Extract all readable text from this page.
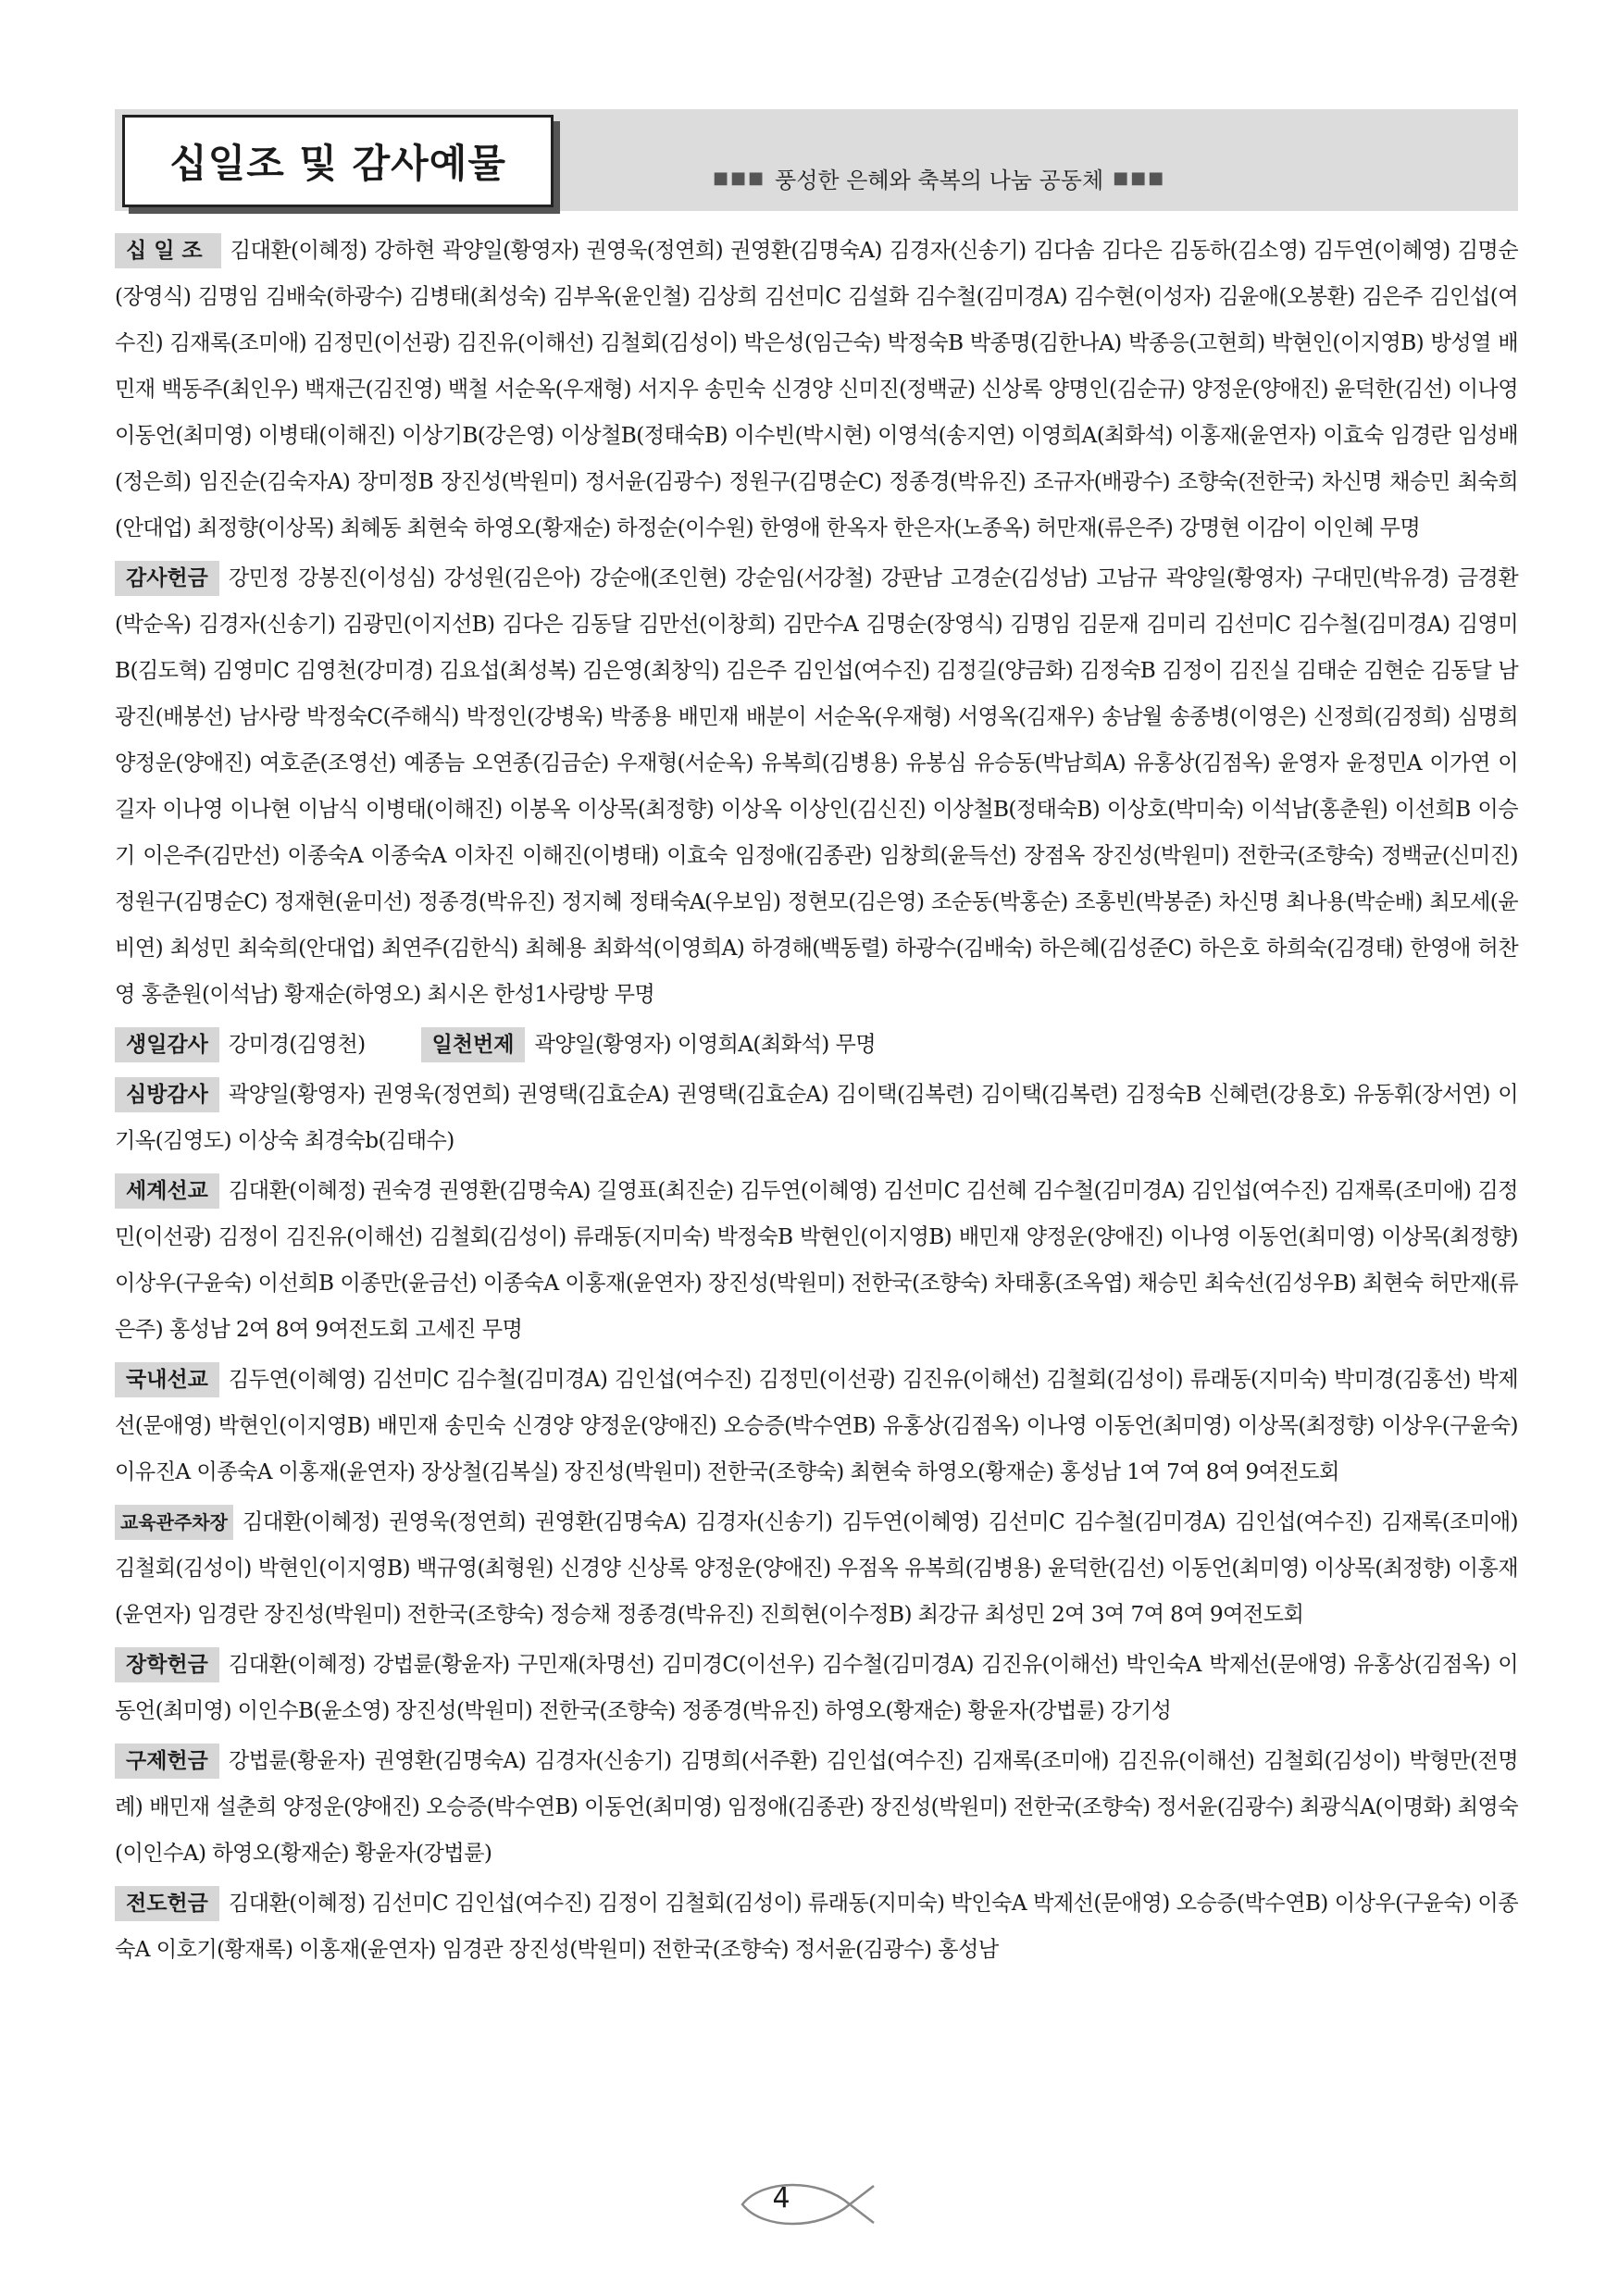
십일조 및 감사예물	■■■ 풍성한 은혜와 축복의 나눔 공동체 ■■■
십일조 김대환(이혜정) 강하현 곽양일(황영자) 권영욱(정연희) 권영환(김명숙A) 김경자(신송기) 김다솜 김다은 김동하(김소영) 김두연(이혜영) 김명순(장영식) 김명임 김배숙(하광수) 김병태(최성숙) 김부옥(윤인철) 김상희 김선미C 김설화 김수철(김미경A) 김수현(이성자) 김윤애(오봉환) 김은주 김인섭(여수진) 김재록(조미애) 김정민(이선광) 김진유(이해선) 김철회(김성이) 박은성(임근숙) 박정숙B 박종명(김한나A) 박종응(고현희) 박현인(이지영B) 방성열 배민재 백동주(최인우) 백재근(김진영) 백철 서순옥(우재형) 서지우 송민숙 신경양 신미진(정백균) 신상록 양명인(김순규) 양정운(양애진) 윤덕한(김선) 이나영 이동언(최미영) 이병태(이해진) 이상기B(강은영) 이상철B(정태숙B) 이수빈(박시현) 이영석(송지연) 이영희A(최화석) 이홍재(윤연자) 이효숙 임경란 임성배(정은희) 임진순(김숙자A) 장미정B 장진성(박원미) 정서윤(김광수) 정원구(김명순C) 정종경(박유진) 조규자(배광수) 조향숙(전한국) 차신명 채승민 최숙희(안대업) 최정향(이상목) 최혜동 최현숙 하영오(황재순) 하정순(이수원) 한영애 한옥자 한은자(노종옥) 허만재(류은주) 강명현 이감이 이인혜 무명
감사헌금 강민정 강봉진(이성심) 강성원(김은아) 강순애(조인현) 강순임(서강철) 강판남 고경순(김성남) 고남규 곽양일(황영자) 구대민(박유경) 금경환(박순옥) 김경자(신송기) 김광민(이지선B) 김다은 김동달 김만선(이창희) 김만수A 김명순(장영식) 김명임 김문재 김미리 김선미C 김수철(김미경A) 김영미B(김도혁) 김영미C 김영천(강미경) 김요섭(최성복) 김은영(최창익) 김은주 김인섭(여수진) 김정길(양금화) 김정숙B 김정이 김진실 김태순 김현순 김동달 남광진(배봉선) 남사랑 박정숙C(주해식) 박정인(강병욱) 박종용 배민재 배분이 서순옥(우재형) 서영옥(김재우) 송남월 송종병(이영은) 신정희(김정희) 심명희 양정운(양애진) 여호준(조영선) 예종늠 오연종(김금순) 우재형(서순옥) 유복희(김병용) 유봉심 유승동(박남희A) 유홍상(김점옥) 윤영자 윤정민A 이가연 이길자 이나영 이나현 이남식 이병태(이해진) 이봉옥 이상목(최정향) 이상옥 이상인(김신진) 이상철B(정태숙B) 이상호(박미숙) 이석남(홍춘원) 이선희B 이승기 이은주(김만선) 이종숙A 이종숙A 이차진 이해진(이병태) 이효숙 임정애(김종관) 임창희(윤득선) 장점옥 장진성(박원미) 전한국(조향숙) 정백균(신미진) 정원구(김명순C) 정재현(윤미선) 정종경(박유진) 정지혜 정태숙A(우보임) 정현모(김은영) 조순동(박홍순) 조홍빈(박봉준) 차신명 최나용(박순배) 최모세(윤비연) 최성민 최숙희(안대업) 최연주(김한식) 최혜용 최화석(이영희A) 하경해(백동렬) 하광수(김배숙) 하은혜(김성준C) 하은호 하희숙(김경태) 한영애 허찬영 홍춘원(이석남) 황재순(하영오) 최시온 한성1사랑방 무명
생일감사 강미경(김영천)	일천번제 곽양일(황영자) 이영희A(최화석) 무명
심방감사 곽양일(황영자) 권영욱(정연희) 권영택(김효순A) 권영택(김효순A) 김이택(김복련) 김이택(김복련) 김정숙B 신혜련(강용호) 유동휘(장서연) 이기옥(김영도) 이상숙 최경숙b(김태수)
세계선교 김대환(이혜정) 권숙경 권영환(김명숙A) 길영표(최진순) 김두연(이혜영) 김선미C 김선혜 김수철(김미경A) 김인섭(여수진) 김재록(조미애) 김정민(이선광) 김정이 김진유(이해선) 김철회(김성이) 류래동(지미숙) 박정숙B 박현인(이지영B) 배민재 양정운(양애진) 이나영 이동언(최미영) 이상목(최정향) 이상우(구윤숙) 이선희B 이종만(윤금선) 이종숙A 이홍재(윤연자) 장진성(박원미) 전한국(조향숙) 차태홍(조옥엽) 채승민 최숙선(김성우B) 최현숙 허만재(류은주) 홍성남 2여 8여 9여전도회 고세진 무명
국내선교 김두연(이혜영) 김선미C 김수철(김미경A) 김인섭(여수진) 김정민(이선광) 김진유(이해선) 김철회(김성이) 류래동(지미숙) 박미경(김홍선) 박제선(문애영) 박현인(이지영B) 배민재 송민숙 신경양 양정운(양애진) 오승증(박수연B) 유홍상(김점옥) 이나영 이동언(최미영) 이상목(최정향) 이상우(구윤숙) 이유진A 이종숙A 이홍재(윤연자) 장상철(김복실) 장진성(박원미) 전한국(조향숙) 최현숙 하영오(황재순) 홍성남 1여 7여 8여 9여전도회
교육관주차장 김대환(이혜정) 권영욱(정연희) 권영환(김명숙A) 김경자(신송기) 김두연(이혜영) 김선미C 김수철(김미경A) 김인섭(여수진) 김재록(조미애) 김철회(김성이) 박현인(이지영B) 백규영(최형원) 신경양 신상록 양정운(양애진) 우점옥 유복희(김병용) 윤덕한(김선) 이동언(최미영) 이상목(최정향) 이홍재(윤연자) 임경란 장진성(박원미) 전한국(조향숙) 정승채 정종경(박유진) 진희현(이수정B) 최강규 최성민 2여 3여 7여 8여 9여전도회
장학헌금 김대환(이혜정) 강법륜(황윤자) 구민재(차명선) 김미경C(이선우) 김수철(김미경A) 김진유(이해선) 박인숙A 박제선(문애영) 유홍상(김점옥) 이동언(최미영) 이인수B(윤소영) 장진성(박원미) 전한국(조향숙) 정종경(박유진) 하영오(황재순) 황윤자(강법륜) 강기성
구제헌금 강법륜(황윤자) 권영환(김명숙A) 김경자(신송기) 김명희(서주환) 김인섭(여수진) 김재록(조미애) 김진유(이해선) 김철회(김성이) 박형만(전명례) 배민재 설춘희 양정운(양애진) 오승증(박수연B) 이동언(최미영) 임정애(김종관) 장진성(박원미) 전한국(조향숙) 정서윤(김광수) 최광식A(이명화) 최영숙(이인수A) 하영오(황재순) 황윤자(강법륜)
전도헌금 김대환(이혜정) 김선미C 김인섭(여수진) 김정이 김철회(김성이) 류래동(지미숙) 박인숙A 박제선(문애영) 오승증(박수연B) 이상우(구윤숙) 이종숙A 이호기(황재록) 이홍재(윤연자) 임경관 장진성(박원미) 전한국(조향숙) 정서윤(김광수) 홍성남
4
